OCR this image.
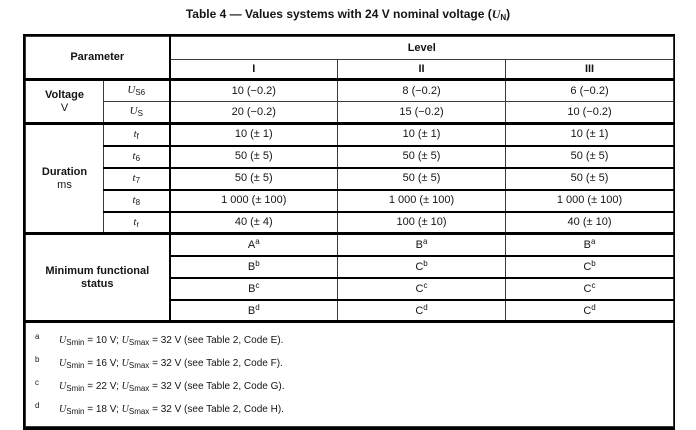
Table 4 — Values systems with 24 V nominal voltage $(U_N)$
Parameter		Level		
		I	II	III

Voltage
V	$U_{S6}$	10 (−0.2)	8 (−0.2)	6 (−0.2)
	$U_S$	20 (−0.2)	15 (−0.2)	10 (−0.2)

Duration
ms	$t_f$	10 (± 1)	10 (± 1)	10 (± 1)
	$t_6$	50 (± 5)	50 (± 5)	50 (± 5)
	$t_7$	50 (± 5)	50 (± 5)	50 (± 5)
	$t_8$	1 000 (± 100)	1 000 (± 100)	1 000 (± 100)
	$t_r$	40 (± 4)	100 (± 10)	40 (± 10)

Minimum functional
status		$A^a$	$B^a$	$B^a$
		$B^b$	$C^b$	$C^b$
		$B^c$	$C^c$	$C^c$
		$B^d$	$C^d$	$C^d$

a $U_{Smin} = 10$ V; $U_{Smax} = 32$ V (see Table 2, Code E).
b $U_{Smin} = 16$ V; $U_{Smax} = 32$ V (see Table 2, Code F).
c $U_{Smin} = 22$ V; $U_{Smax} = 32$ V (see Table 2, Code G).
d $U_{Smin} = 18$ V; $U_{Smax} = 32$ V (see Table 2, Code H).				
